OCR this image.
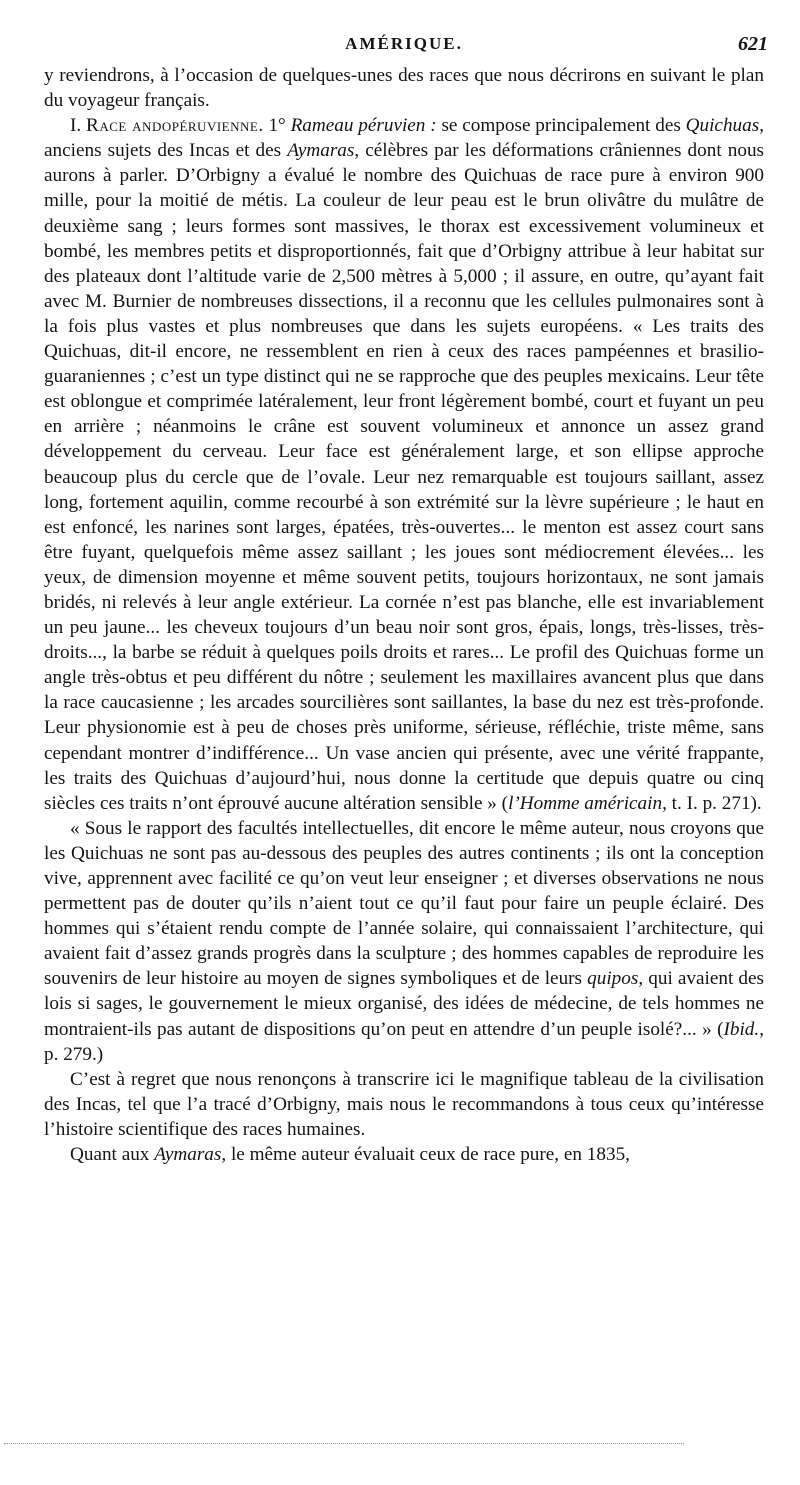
AMÉRIQUE.	621

y reviendrons, à l’occasion de quelques-unes des races que nous décrirons en suivant le plan du voyageur français.

I. Race andopéruvienne. 1° Rameau péruvien : se compose principalement des Quichuas, anciens sujets des Incas et des Aymaras, célèbres par les déformations crâniennes dont nous aurons à parler. D’Orbigny a évalué le nombre des Quichuas de race pure à environ 900 mille, pour la moitié de métis. La couleur de leur peau est le brun olivâtre du mulâtre de deuxième sang ; leurs formes sont massives, le thorax est excessivement volumineux et bombé, les membres petits et disproportionnés, fait que d’Orbigny attribue à leur habitat sur des plateaux dont l’altitude varie de 2,500 mètres à 5,000 ; il assure, en outre, qu’ayant fait avec M. Burnier de nombreuses dissections, il a reconnu que les cellules pulmonaires sont à la fois plus vastes et plus nombreuses que dans les sujets européens. « Les traits des Quichuas, dit-il encore, ne ressemblent en rien à ceux des races pampéennes et brasilio-guaraniennes ; c’est un type distinct qui ne se rapproche que des peuples mexicains. Leur tête est oblongue et comprimée latéralement, leur front légèrement bombé, court et fuyant un peu en arrière ; néanmoins le crâne est souvent volumineux et annonce un assez grand développement du cerveau. Leur face est généralement large, et son ellipse approche beaucoup plus du cercle que de l’ovale. Leur nez remarquable est toujours saillant, assez long, fortement aquilin, comme recourbé à son extrémité sur la lèvre supérieure ; le haut en est enfoncé, les narines sont larges, épatées, très-ouvertes... le menton est assez court sans être fuyant, quelquefois même assez saillant ; les joues sont médiocrement élevées... les yeux, de dimension moyenne et même souvent petits, toujours horizontaux, ne sont jamais bridés, ni relevés à leur angle extérieur. La cornée n’est pas blanche, elle est invariablement un peu jaune... les cheveux toujours d’un beau noir sont gros, épais, longs, très-lisses, très-droits..., la barbe se réduit à quelques poils droits et rares... Le profil des Quichuas forme un angle très-obtus et peu différent du nôtre ; seulement les maxillaires avancent plus que dans la race caucasienne ; les arcades sourcilières sont saillantes, la base du nez est très-profonde. Leur physionomie est à peu de choses près uniforme, sérieuse, réfléchie, triste même, sans cependant montrer d’indifférence... Un vase ancien qui présente, avec une vérité frappante, les traits des Quichuas d’aujourd’hui, nous donne la certitude que depuis quatre ou cinq siècles ces traits n’ont éprouvé aucune altération sensible » (l’Homme américain, t. I. p. 271).

« Sous le rapport des facultés intellectuelles, dit encore le même auteur, nous croyons que les Quichuas ne sont pas au-dessous des peuples des autres continents ; ils ont la conception vive, apprennent avec facilité ce qu’on veut leur enseigner ; et diverses observations ne nous permettent pas de douter qu’ils n’aient tout ce qu’il faut pour faire un peuple éclairé. Des hommes qui s’étaient rendu compte de l’année solaire, qui connaissaient l’architecture, qui avaient fait d’assez grands progrès dans la sculpture ; des hommes capables de reproduire les souvenirs de leur histoire au moyen de signes symboliques et de leurs quipos, qui avaient des lois si sages, le gouvernement le mieux organisé, des idées de médecine, de tels hommes ne montraient-ils pas autant de dispositions qu’on peut en attendre d’un peuple isolé?... » (Ibid., p. 279.)

C’est à regret que nous renonçons à transcrire ici le magnifique tableau de la civilisation des Incas, tel que l’a tracé d’Orbigny, mais nous le recommandons à tous ceux qu’intéresse l’histoire scientifique des races humaines.

Quant aux Aymaras, le même auteur évaluait ceux de race pure, en 1835,
